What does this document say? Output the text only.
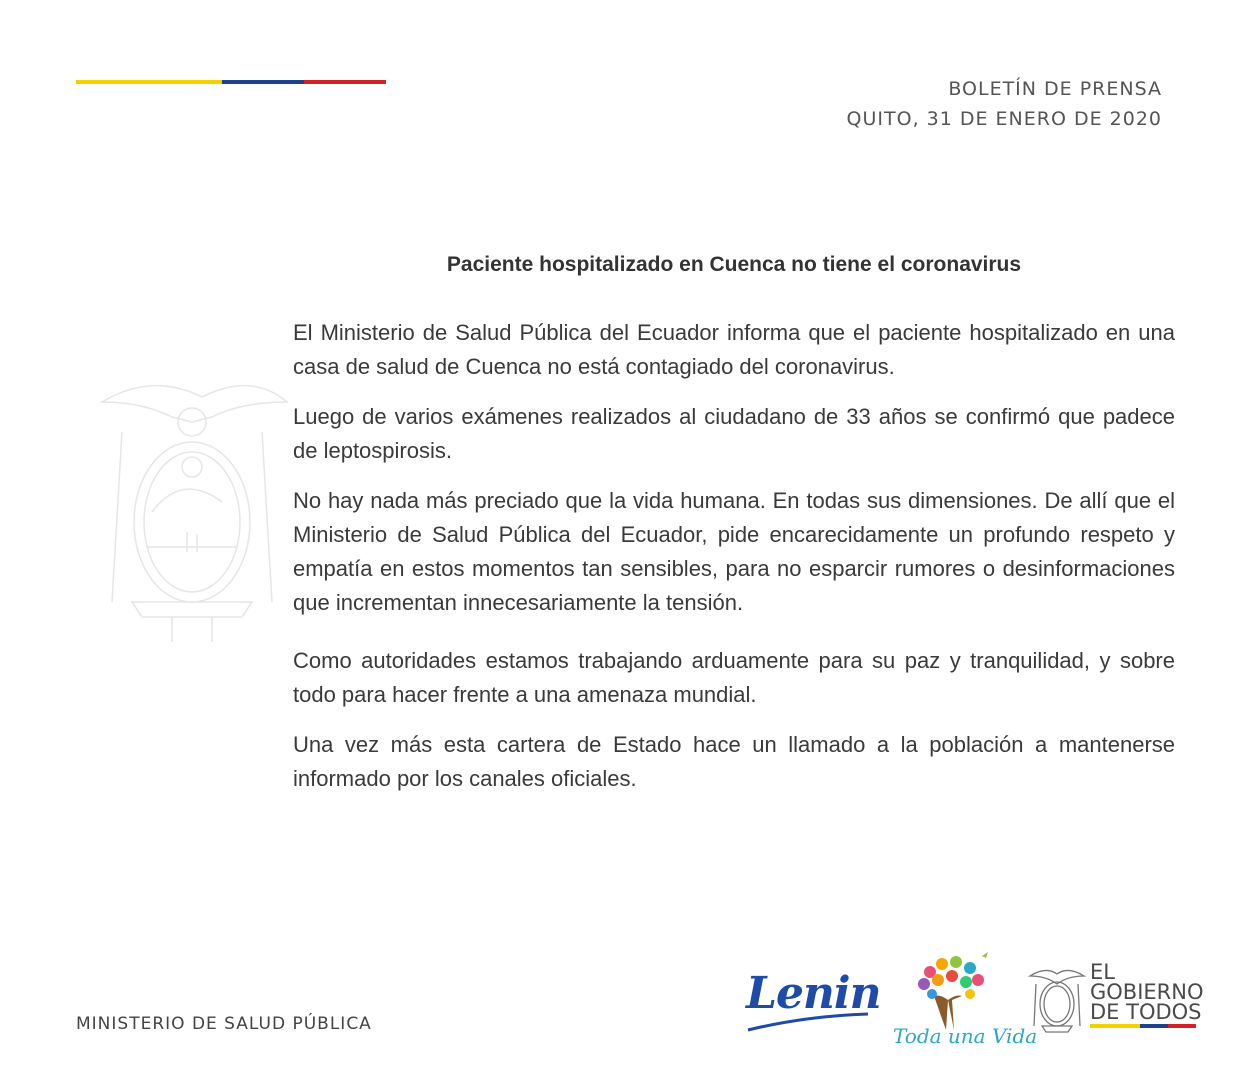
BOLETÍN DE PRENSA
QUITO, 31 DE ENERO DE 2020
Paciente hospitalizado en Cuenca no tiene el coronavirus

El Ministerio de Salud Pública del Ecuador informa que el paciente hospitalizado en una casa de salud de Cuenca no está contagiado del coronavirus.

Luego de varios exámenes realizados al ciudadano de 33 años se confirmó que padece de leptospirosis.

No hay nada más preciado que la vida humana. En todas sus dimensiones. De allí que el Ministerio de Salud Pública del Ecuador, pide encarecidamente un profundo respeto y empatía en estos momentos tan sensibles, para no esparcir rumores o desinformaciones que incrementan innecesariamente la tensión.

Como autoridades estamos trabajando arduamente para su paz y tranquilidad, y sobre todo para hacer frente a una amenaza mundial.

Una vez más esta cartera de Estado hace un llamado a la población a mantenerse informado por los canales oficiales.

MINISTERIO DE SALUD PÚBLICA
Lenin
Toda una Vida
EL
GOBIERNO
DE TODOS
